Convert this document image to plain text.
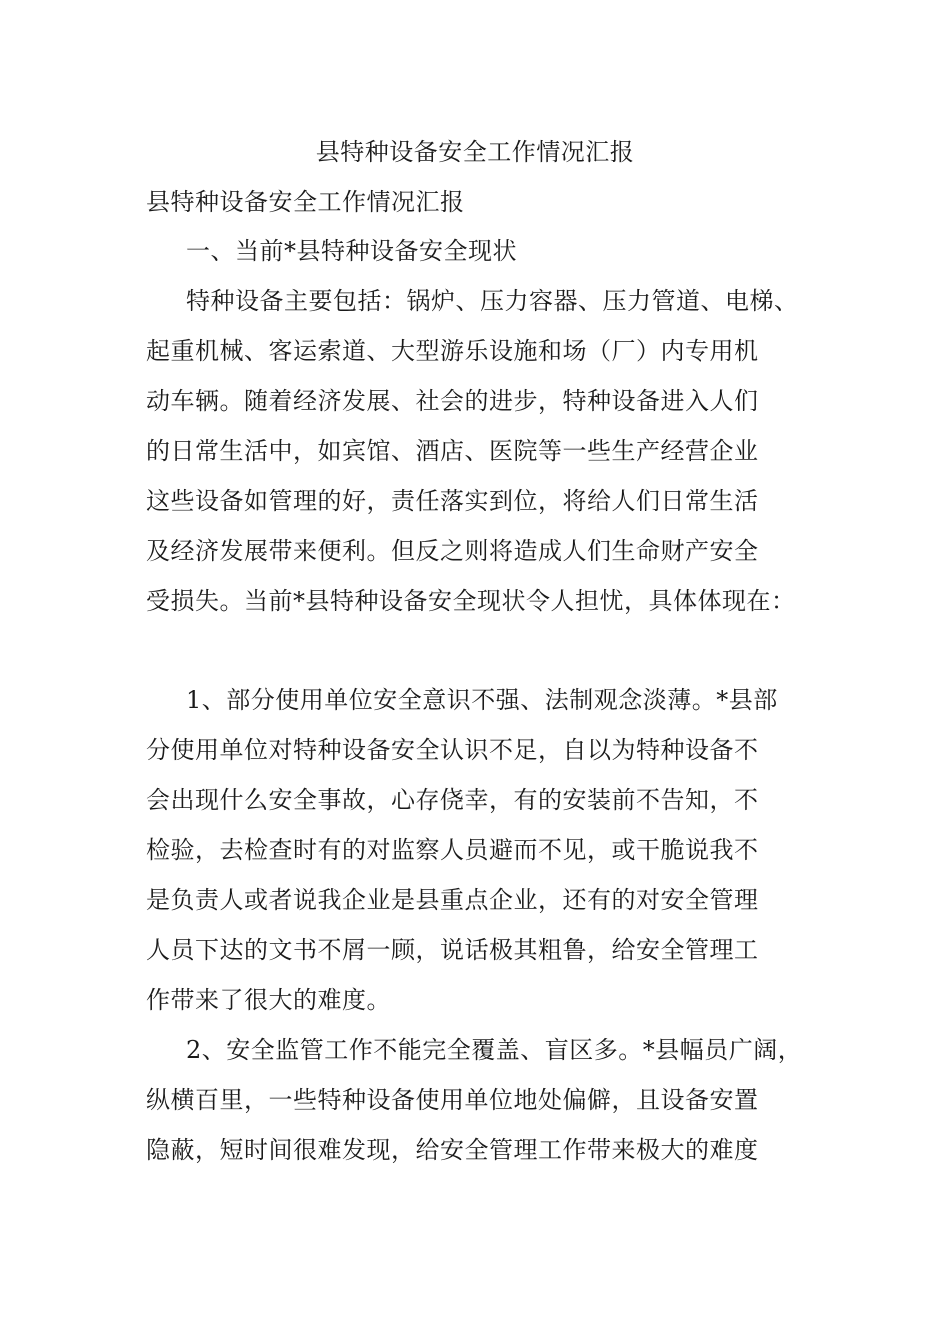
县特种设备安全工作情况汇报
县特种设备安全工作情况汇报
一、当前*县特种设备安全现状
特种设备主要包括：锅炉、压力容器、压力管道、电梯、
起重机械、客运索道、大型游乐设施和场（厂）内专用机
动车辆。随着经济发展、社会的进步，特种设备进入人们
的日常生活中，如宾馆、酒店、医院等一些生产经营企业
这些设备如管理的好，责任落实到位，将给人们日常生活
及经济发展带来便利。但反之则将造成人们生命财产安全
受损失。当前*县特种设备安全现状令人担忧，具体体现在：
1、部分使用单位安全意识不强、法制观念淡薄。*县部
分使用单位对特种设备安全认识不足，自以为特种设备不
会出现什么安全事故，心存侥幸，有的安装前不告知，不
检验，去检查时有的对监察人员避而不见，或干脆说我不
是负责人或者说我企业是县重点企业，还有的对安全管理
人员下达的文书不屑一顾，说话极其粗鲁，给安全管理工
作带来了很大的难度。
2、安全监管工作不能完全覆盖、盲区多。*县幅员广阔，
纵横百里，一些特种设备使用单位地处偏僻，且设备安置
隐蔽，短时间很难发现，给安全管理工作带来极大的难度
